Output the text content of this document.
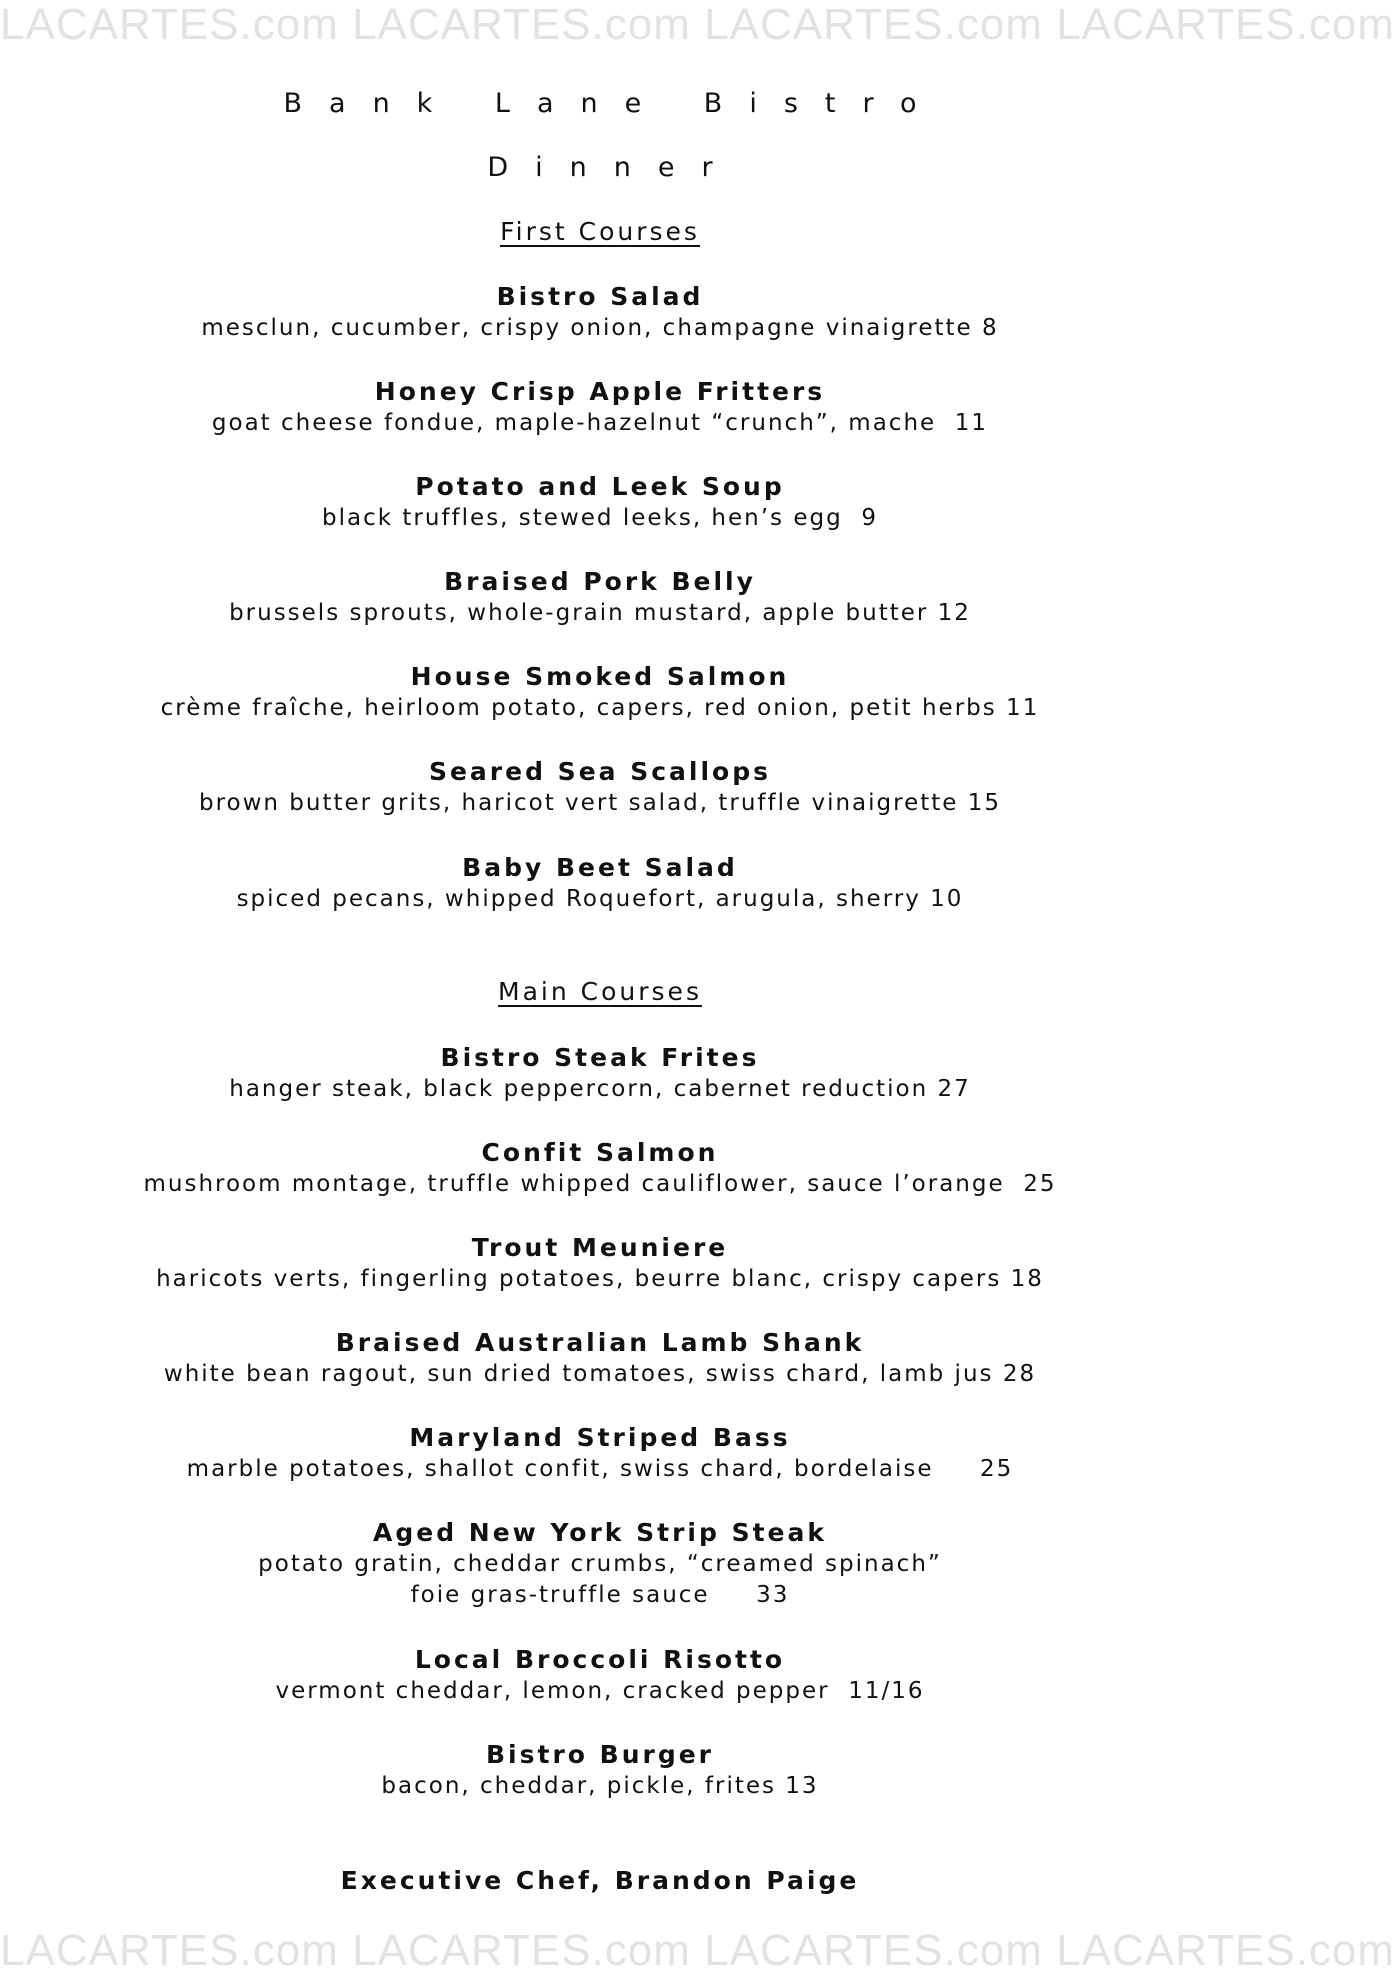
LACARTES.com LACARTES.com LACARTES.com LACARTES.com
Bank Lane Bistro
Dinner
First Courses
Bistro Salad
mesclun, cucumber, crispy onion, champagne vinaigrette 8
Honey Crisp Apple Fritters
goat cheese fondue, maple-hazelnut “crunch”, mache  11
Potato and Leek Soup
black truffles, stewed leeks, hen’s egg  9
Braised Pork Belly
brussels sprouts, whole-grain mustard, apple butter 12
House Smoked Salmon
crème fraîche, heirloom potato, capers, red onion, petit herbs 11
Seared Sea Scallops
brown butter grits, haricot vert salad, truffle vinaigrette 15
Baby Beet Salad
spiced pecans, whipped Roquefort, arugula, sherry 10
Main Courses
Bistro Steak Frites
hanger steak, black peppercorn, cabernet reduction 27
Confit Salmon
mushroom montage, truffle whipped cauliflower, sauce l’orange  25
Trout Meuniere
haricots verts, fingerling potatoes, beurre blanc, crispy capers 18
Braised Australian Lamb Shank
white bean ragout, sun dried tomatoes, swiss chard, lamb jus 28
Maryland Striped Bass
marble potatoes, shallot confit, swiss chard, bordelaise     25
Aged New York Strip Steak
potato gratin, cheddar crumbs, “creamed spinach”
foie gras-truffle sauce     33
Local Broccoli Risotto
vermont cheddar, lemon, cracked pepper  11/16
Bistro Burger
bacon, cheddar, pickle, frites 13
Executive Chef, Brandon Paige
LACARTES.com LACARTES.com LACARTES.com LACARTES.com
